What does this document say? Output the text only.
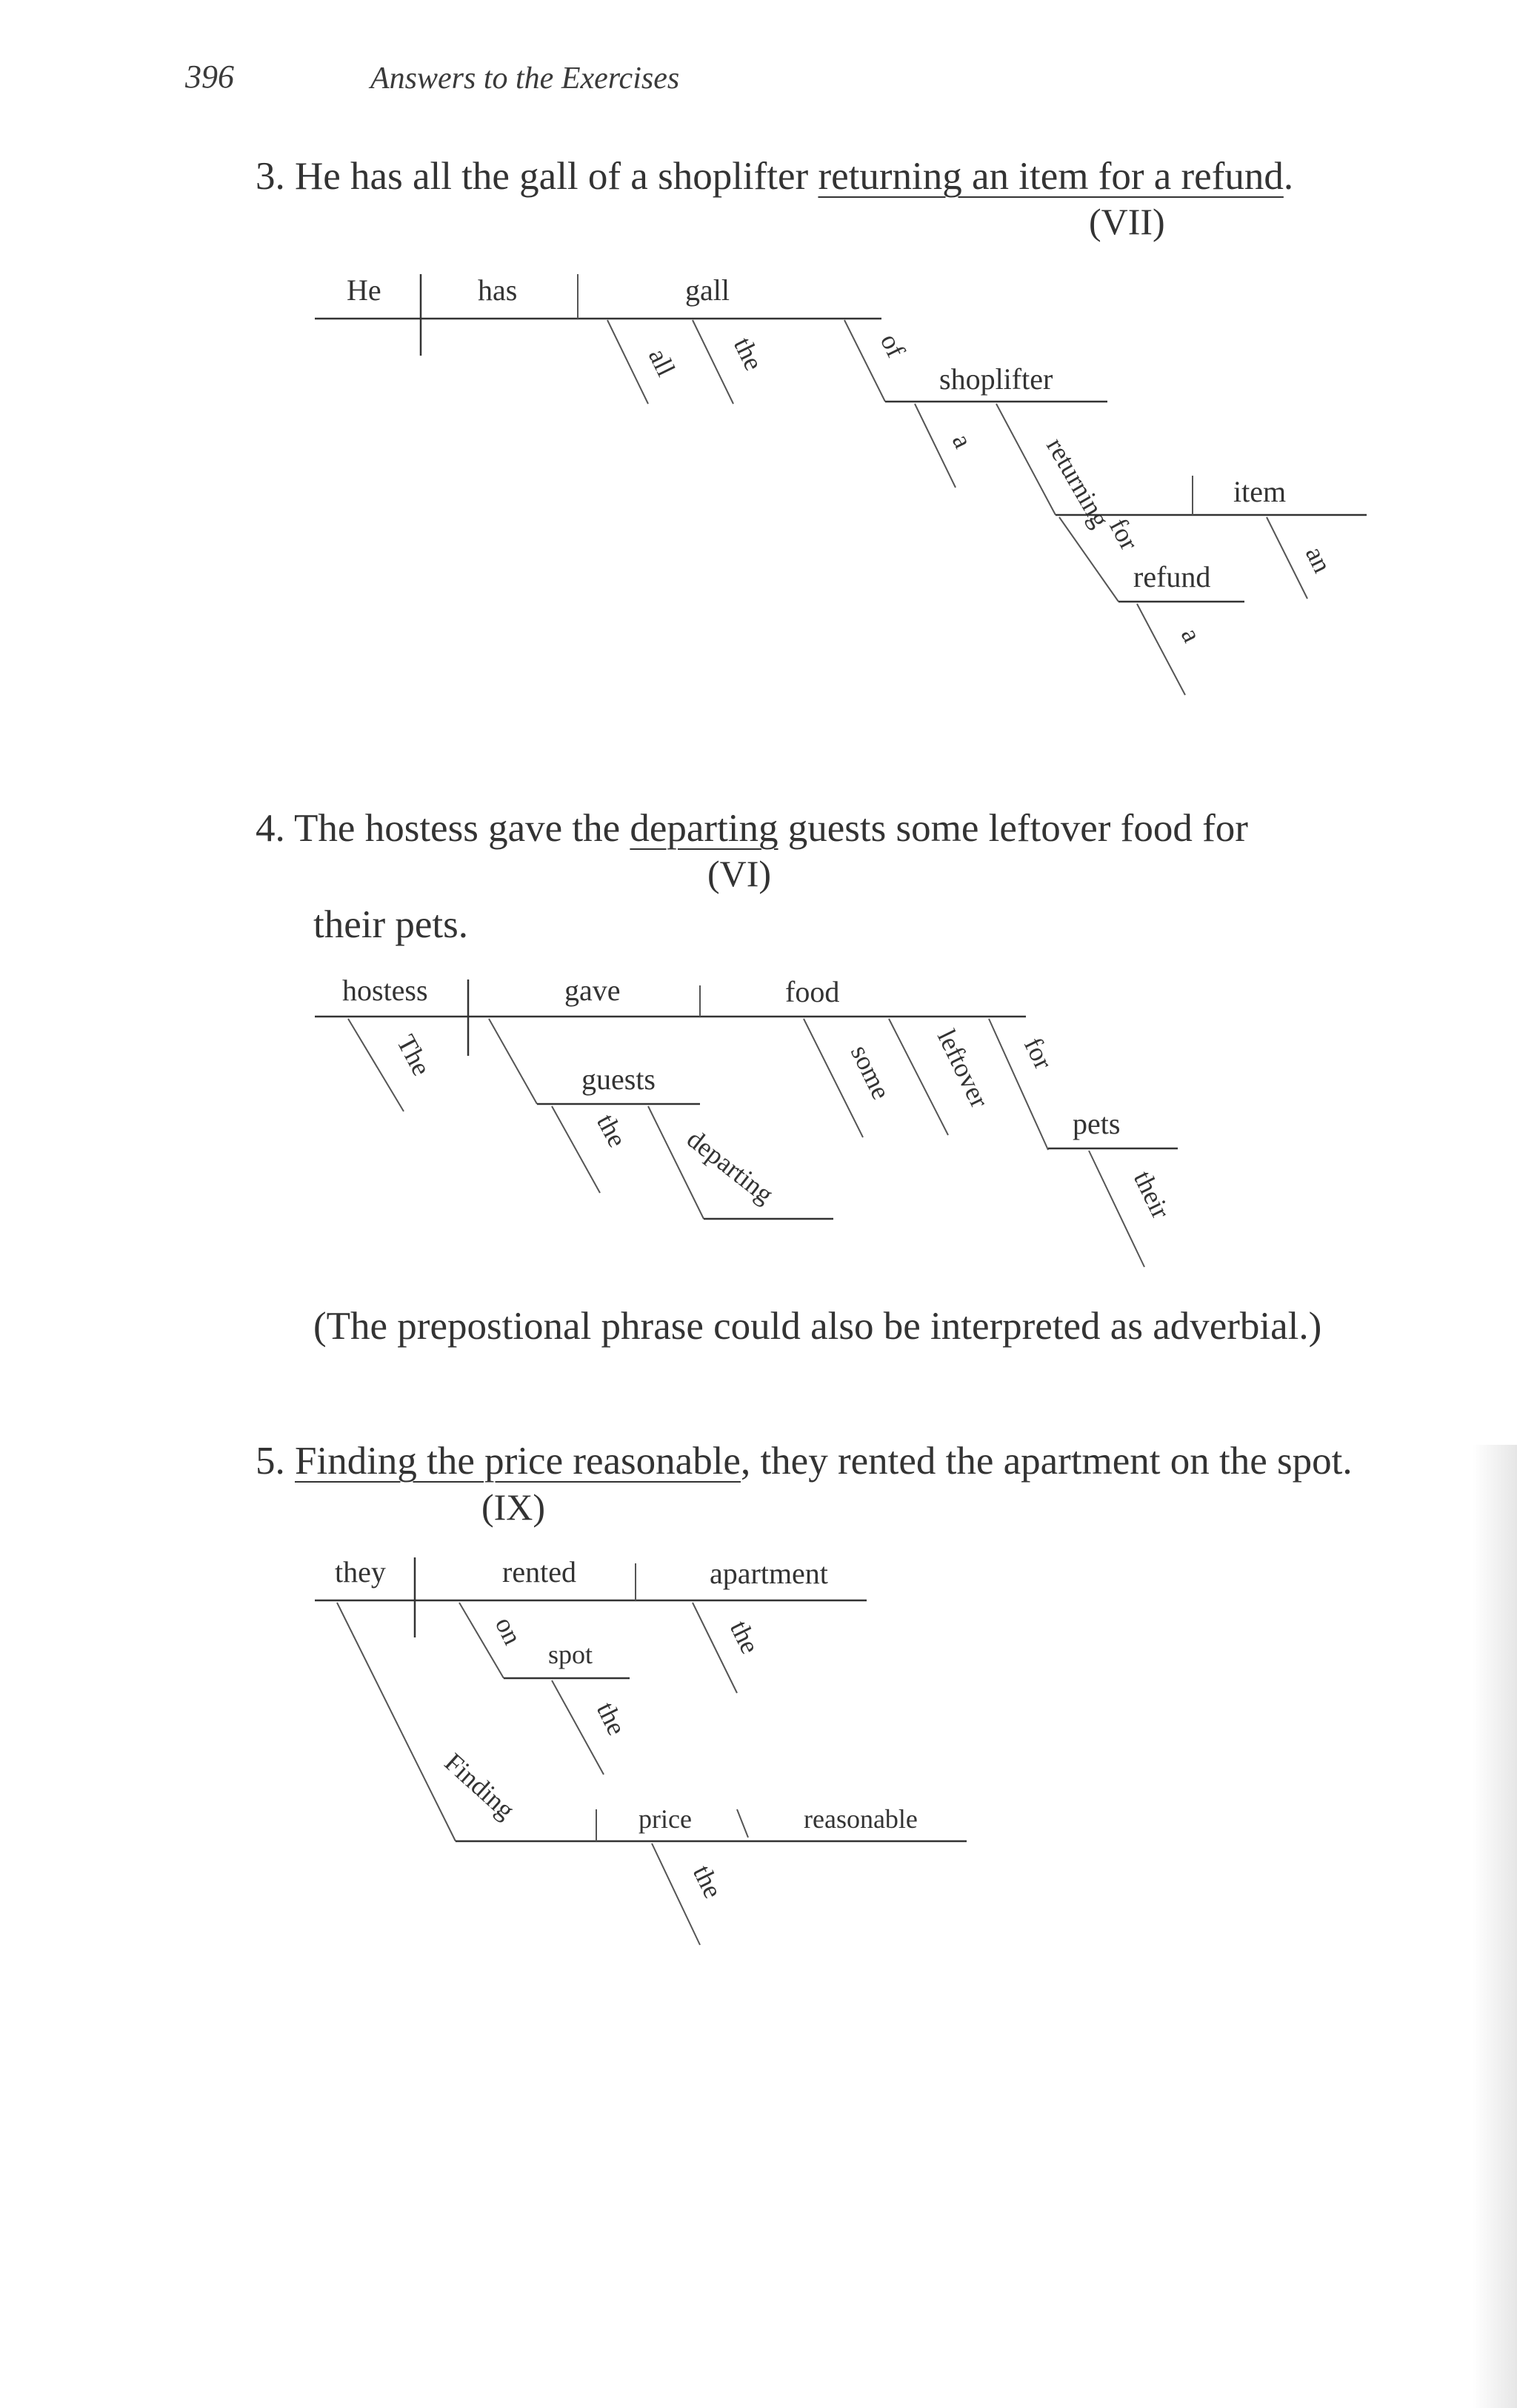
396	Answers to the Exercises
3. He has all the gall of a shoplifter returning an item for a refund.
(VII)
He	has	gall
all the	of
shoplifter
a returning	item
an
for
refund
a
4. The hostess gave the departing guests some leftover food for
(VI)
their pets.
hostess	gave	food
The	guests
the departing
some leftover for
pets
their
(The prepostional phrase could also be interpreted as adverbial.)
5. Finding the price reasonable, they rented the apartment on the spot.
(IX)
they	rented	apartment
on
spot
the
the
Finding	price	reasonable
the
